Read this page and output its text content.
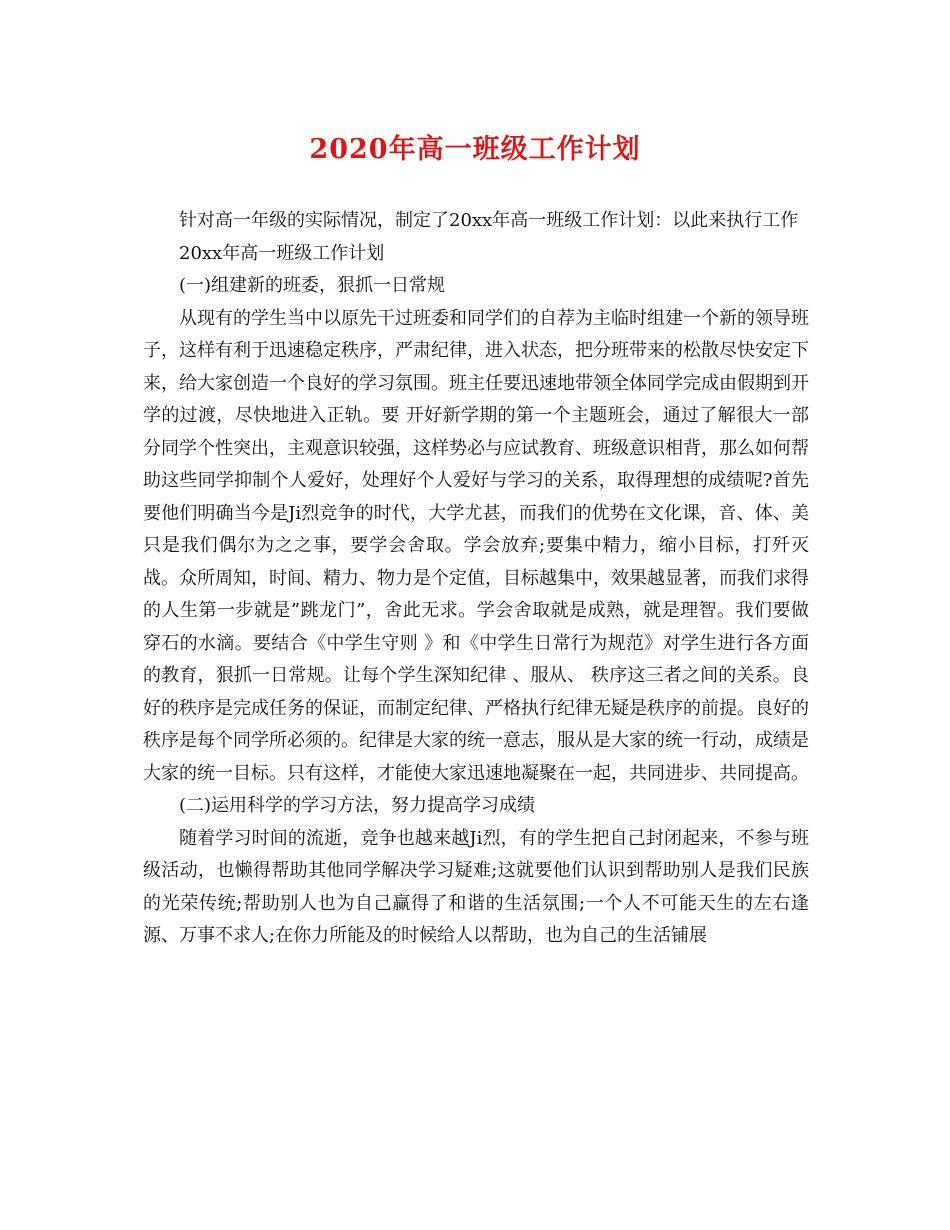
2020年高一班级工作计划

针对高一年级的实际情况，制定了20xx年高一班级工作计划：以此来执行工作

20xx年高一班级工作计划

(一)组建新的班委，狠抓一日常规

从现有的学生当中以原先干过班委和同学们的自荐为主临时组建一个新的领导班子，这样有利于迅速稳定秩序，严肃纪律，进入状态，把分班带来的松散尽快安定下来，给大家创造一个良好的学习氛围。班主任要迅速地带领全体同学完成由假期到开学的过渡，尽快地进入正轨。要 开好新学期的第一个主题班会，通过了解很大一部分同学个性突出，主观意识较强，这样势必与应试教育、班级意识相背，那么如何帮助这些同学抑制个人爱好，处理好个人爱好与学习的关系，取得理想的成绩呢?首先要他们明确当今是Ji烈竞争的时代，大学尤甚，而我们的优势在文化课，音、体、美只是我们偶尔为之之事，要学会舍取。学会放弃;要集中精力，缩小目标，打歼灭战。众所周知，时间、精力、物力是个定值，目标越集中，效果越显著，而我们求得的人生第一步就是”跳龙门”，舍此无求。学会舍取就是成熟，就是理智。我们要做穿石的水滴。要结合《中学生守则 》和《中学生日常行为规范》对学生进行各方面的教育，狠抓一日常规。让每个学生深知纪律 、服从、 秩序这三者之间的关系。良好的秩序是完成任务的保证，而制定纪律、严格执行纪律无疑是秩序的前提。良好的秩序是每个同学所必须的。纪律是大家的统一意志，服从是大家的统一行动，成绩是大家的统一目标。只有这样，才能使大家迅速地凝聚在一起，共同进步、共同提高。

(二)运用科学的学习方法，努力提高学习成绩

随着学习时间的流逝，竞争也越来越Ji烈，有的学生把自己封闭起来，不参与班级活动，也懒得帮助其他同学解决学习疑难;这就要他们认识到帮助别人是我们民族的光荣传统;帮助别人也为自己赢得了和谐的生活氛围;一个人不可能天生的左右逢源、万事不求人;在你力所能及的时候给人以帮助，也为自己的生活铺展
